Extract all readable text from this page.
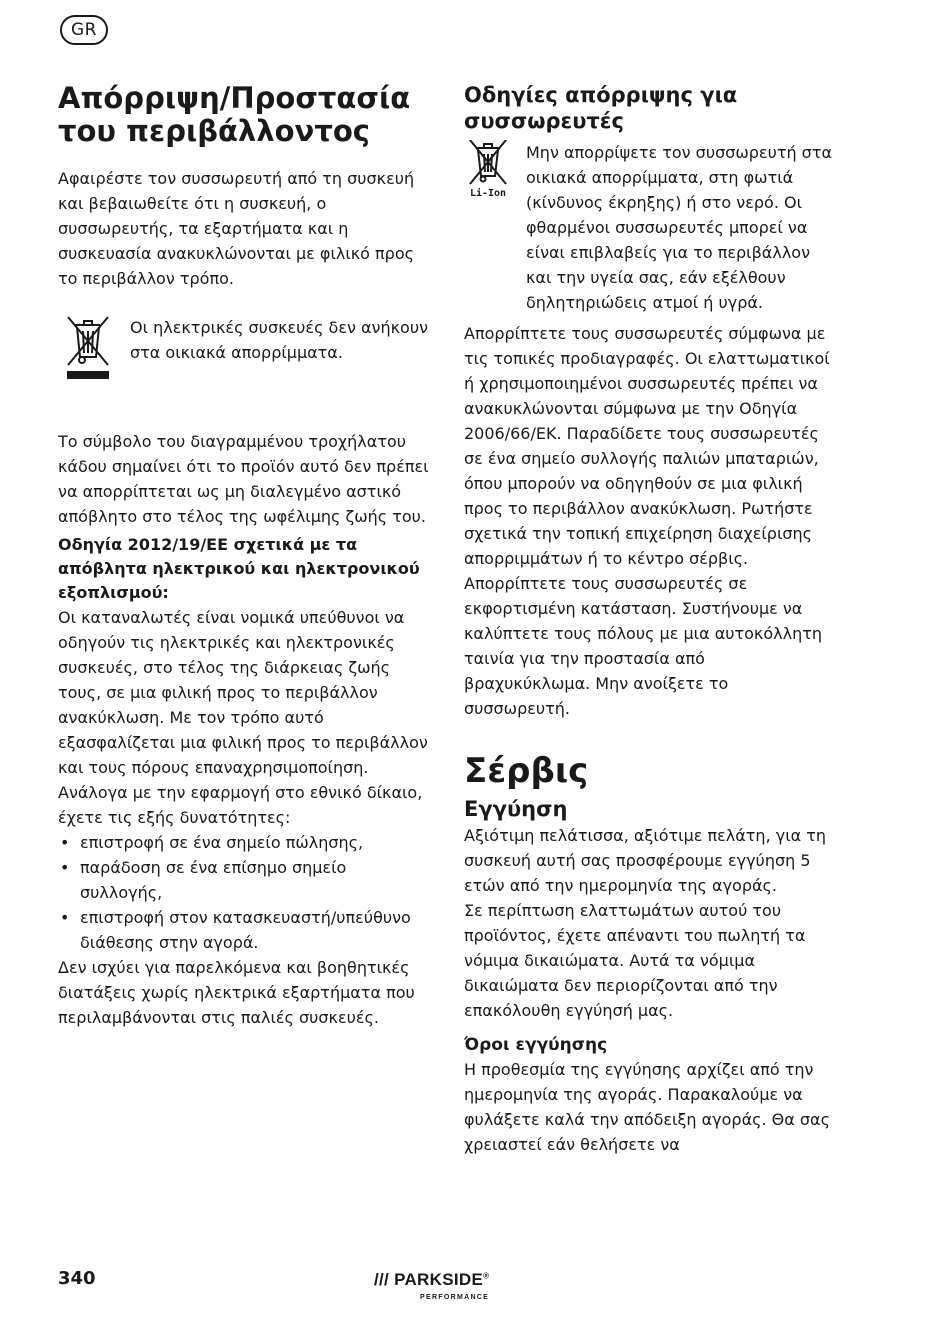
GR
Απόρριψη/Προστασία του περιβάλλοντος

Αφαιρέστε τον συσσωρευτή από τη συσκευή και βεβαιωθείτε ότι η συσκευή, ο συσσωρευτής, τα εξαρτήματα και η συσκευασία ανακυκλώνονται με φιλικό προς το περιβάλλον τρόπο.

Οι ηλεκτρικές συσκευές δεν ανήκουν στα οικιακά απορρίμματα.

Το σύμβολο του διαγραμμένου τροχήλατου κάδου σημαίνει ότι το προϊόν αυτό δεν πρέπει να απορρίπτεται ως μη διαλεγμένο αστικό απόβλητο στο τέλος της ωφέλιμης ζωής του.

Οδηγία 2012/19/ΕΕ σχετικά με τα απόβλητα ηλεκτρικού και ηλεκτρονικού εξοπλισμού:

Οι καταναλωτές είναι νομικά υπεύθυνοι να οδηγούν τις ηλεκτρικές και ηλεκτρονικές συσκευές, στο τέλος της διάρκειας ζωής τους, σε μια φιλική προς το περιβάλλον ανακύκλωση. Με τον τρόπο αυτό εξασφαλίζεται μια φιλική προς το περιβάλλον και τους πόρους επαναχρησιμοποίηση. Ανάλογα με την εφαρμογή στο εθνικό δίκαιο, έχετε τις εξής δυνατότητες:

• επιστροφή σε ένα σημείο πώλησης,
• παράδοση σε ένα επίσημο σημείο συλλογής,
• επιστροφή στον κατασκευαστή/υπεύθυνο διάθεσης στην αγορά.

Δεν ισχύει για παρελκόμενα και βοηθητικές διατάξεις χωρίς ηλεκτρικά εξαρτήματα που περιλαμβάνονται στις παλιές συσκευές.

Οδηγίες απόρριψης για συσσωρευτές
Li-Ion

Μην απορρίψετε τον συσσωρευτή στα οικιακά απορρίμματα, στη φωτιά (κίνδυνος έκρηξης) ή στο νερό. Οι φθαρμένοι συσσωρευτές μπορεί να είναι επιβλαβείς για το περιβάλλον και την υγεία σας, εάν εξέλθουν δηλητηριώδεις ατμοί ή υγρά.

Απορρίπτετε τους συσσωρευτές σύμφωνα με τις τοπικές προδιαγραφές. Οι ελαττωματικοί ή χρησιμοποιημένοι συσσωρευτές πρέπει να ανακυκλώνονται σύμφωνα με την Οδηγία 2006/66/ΕΚ. Παραδίδετε τους συσσωρευτές σε ένα σημείο συλλογής παλιών μπαταριών, όπου μπορούν να οδηγηθούν σε μια φιλική προς το περιβάλλον ανακύκλωση. Ρωτήστε σχετικά την τοπική επιχείρηση διαχείρισης απορριμμάτων ή το κέντρο σέρβις. Απορρίπτετε τους συσσωρευτές σε εκφορτισμένη κατάσταση. Συστήνουμε να καλύπτετε τους πόλους με μια αυτοκόλλητη ταινία για την προστασία από βραχυκύκλωμα. Μην ανοίξετε το συσσωρευτή.

Σέρβις
Εγγύηση

Αξιότιμη πελάτισσα, αξιότιμε πελάτη, για τη συσκευή αυτή σας προσφέρουμε εγγύηση 5 ετών από την ημερομηνία της αγοράς.

Σε περίπτωση ελαττωμάτων αυτού του προϊόντος, έχετε απέναντι του πωλητή τα νόμιμα δικαιώματα. Αυτά τα νόμιμα δικαιώματα δεν περιορίζονται από την επακόλουθη εγγύησή μας.

Όροι εγγύησης

Η προθεσμία της εγγύησης αρχίζει από την ημερομηνία της αγοράς. Παρακαλούμε να φυλάξετε καλά την απόδειξη αγοράς. Θα σας χρειαστεί εάν θελήσετε να

340	/// PARKSIDE®
PERFORMANCE
